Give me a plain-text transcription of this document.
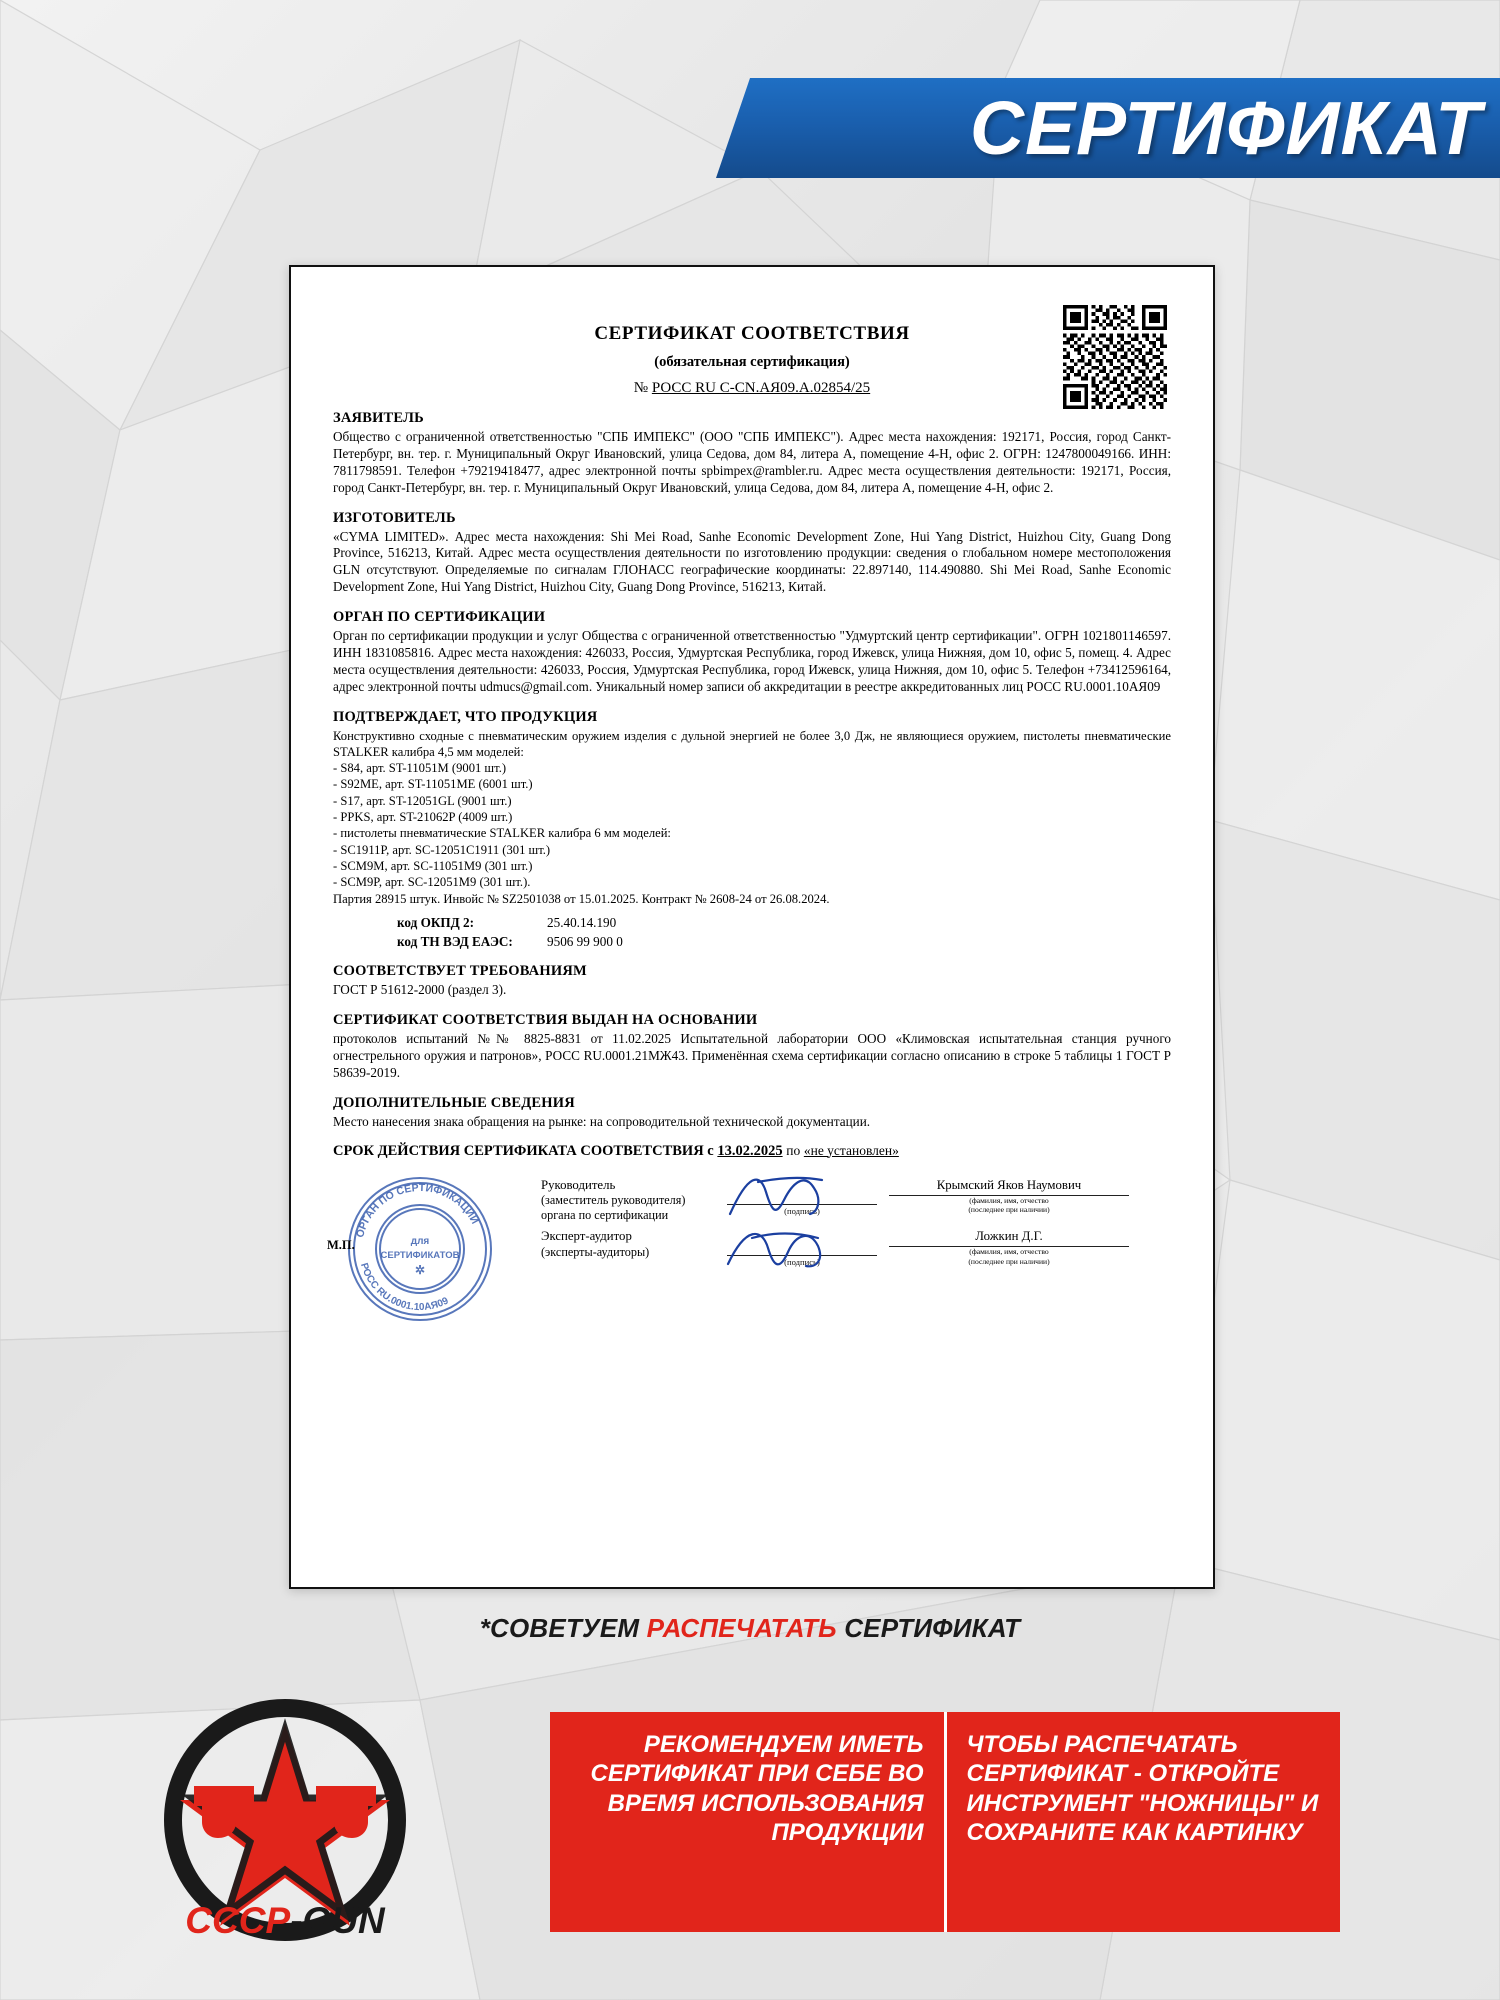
СЕРТИФИКАТ
СЕРТИФИКАТ СООТВЕТСТВИЯ
(обязательная сертификация)
№ РОСС RU C-CN.АЯ09.А.02854/25
ЗАЯВИТЕЛЬ
Общество с ограниченной ответственностью "СПБ ИМПЕКС" (ООО "СПБ ИМПЕКС"). Адрес места нахождения: 192171, Россия, город Санкт-Петербург, вн. тер. г. Муниципальный Округ Ивановский, улица Седова, дом 84, литера А, помещение 4-Н, офис 2. ОГРН: 1247800049166. ИНН: 7811798591. Телефон +79219418477, адрес электронной почты spbimpex@rambler.ru. Адрес места осуществления деятельности: 192171, Россия, город Санкт-Петербург, вн. тер. г. Муниципальный Округ Ивановский, улица Седова, дом 84, литера А, помещение 4-Н, офис 2.
ИЗГОТОВИТЕЛЬ
«CYMA LIMITED». Адрес места нахождения: Shi Mei Road, Sanhe Economic Development Zone, Hui Yang District, Huizhou City, Guang Dong Province, 516213, Китай. Адрес места осуществления деятельности по изготовлению продукции: сведения о глобальном номере местоположения GLN отсутствуют. Определяемые по сигналам ГЛОНАСС географические координаты: 22.897140, 114.490880. Shi Mei Road, Sanhe Economic Development Zone, Hui Yang District, Huizhou City, Guang Dong Province, 516213, Китай.
ОРГАН ПО СЕРТИФИКАЦИИ
Орган по сертификации продукции и услуг Общества с ограниченной ответственностью "Удмуртский центр сертификации". ОГРН 1021801146597. ИНН 1831085816. Адрес места нахождения: 426033, Россия, Удмуртская Республика, город Ижевск, улица Нижняя, дом 10, офис 5, помещ. 4. Адрес места осуществления деятельности: 426033, Россия, Удмуртская Республика, город Ижевск, улица Нижняя, дом 10, офис 5. Телефон +73412596164, адрес электронной почты udmucs@gmail.com. Уникальный номер записи об аккредитации в реестре аккредитованных лиц РОСС RU.0001.10АЯ09
ПОДТВЕРЖДАЕТ, ЧТО ПРОДУКЦИЯ
Конструктивно сходные с пневматическим оружием изделия с дульной энергией не более 3,0 Дж, не являющиеся оружием, пистолеты пневматические STALKER калибра 4,5 мм моделей:
- S84, арт. ST-11051M (9001 шт.)
- S92ME, арт. ST-11051ME (6001 шт.)
- S17, арт. ST-12051GL (9001 шт.)
- PPKS, арт. ST-21062P (4009 шт.)
- пистолеты пневматические STALKER калибра 6 мм моделей:
- SC1911P, арт. SC-12051C1911 (301 шт.)
- SCM9M, арт. SC-11051M9 (301 шт.)
- SCM9P, арт. SC-12051M9 (301 шт.).
Партия 28915 штук. Инвойс № SZ2501038 от 15.01.2025. Контракт № 2608-24 от 26.08.2024.
код ОКПД 2:	25.40.14.190
код ТН ВЭД ЕАЭС:	9506 99 900 0
СООТВЕТСТВУЕТ ТРЕБОВАНИЯМ
ГОСТ Р 51612-2000 (раздел 3).
СЕРТИФИКАТ СООТВЕТСТВИЯ ВЫДАН НА ОСНОВАНИИ
протоколов испытаний №№ 8825-8831 от 11.02.2025 Испытательной лаборатории ООО «Климовская испытательная станция ручного огнестрельного оружия и патронов», РОСС RU.0001.21МЖ43. Применённая схема сертификации согласно описанию в строке 5 таблицы 1 ГОСТ Р 58639-2019.
ДОПОЛНИТЕЛЬНЫЕ СВЕДЕНИЯ
Место нанесения знака обращения на рынке: на сопроводительной технической документации.
СРОК ДЕЙСТВИЯ СЕРТИФИКАТА СООТВЕТСТВИЯ с 13.02.2025 по «не установлен»
ОРГАН ПО СЕРТИФИКАЦИИ
РОСС RU.0001.10АЯ09
для
СЕРТИФИКАТОВ
✲
М.П.
Руководитель
(заместитель руководителя)
органа по сертификации	(подпись)
Крымский Яков Наумович
(фамилия, имя, отчество
(последнее при наличии)
Эксперт-аудитор
(эксперты-аудиторы)
(подпись)
Ложкин Д.Г.
(фамилия, имя, отчество
(последнее при наличии)
*СОВЕТУЕМ РАСПЕЧАТАТЬ СЕРТИФИКАТ
СССР-GUN
РЕКОМЕНДУЕМ ИМЕТЬ СЕРТИФИКАТ ПРИ СЕБЕ ВО ВРЕМЯ ИСПОЛЬЗОВАНИЯ ПРОДУКЦИИ
ЧТОБЫ РАСПЕЧАТАТЬ СЕРТИФИКАТ - ОТКРОЙТЕ ИНСТРУМЕНТ "НОЖНИЦЫ" И СОХРАНИТЕ КАК КАРТИНКУ
